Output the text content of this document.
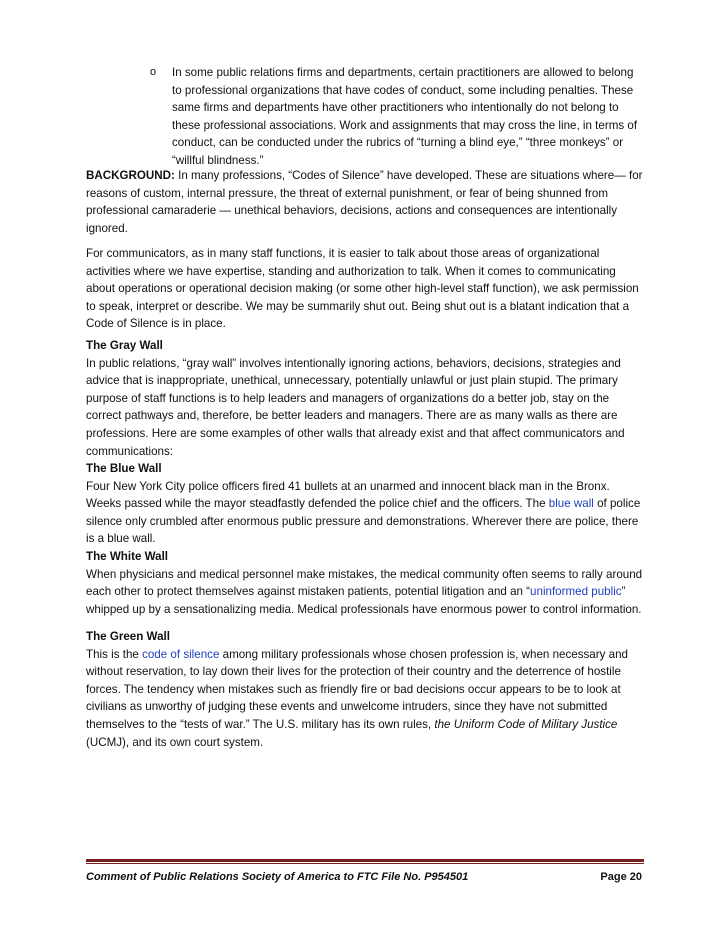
o In some public relations firms and departments, certain practitioners are allowed to belong to professional organizations that have codes of conduct, some including penalties. These same firms and departments have other practitioners who intentionally do not belong to these professional associations. Work and assignments that may cross the line, in terms of conduct, can be conducted under the rubrics of “turning a blind eye,” “three monkeys” or “willful blindness.”

BACKGROUND: In many professions, “Codes of Silence” have developed. These are situations where— for reasons of custom, internal pressure, the threat of external punishment, or fear of being shunned from professional camaraderie — unethical behaviors, decisions, actions and consequences are intentionally ignored.

For communicators, as in many staff functions, it is easier to talk about those areas of organizational activities where we have expertise, standing and authorization to talk. When it comes to communicating about operations or operational decision making (or some other high-level staff function), we ask permission to speak, interpret or describe. We may be summarily shut out. Being shut out is a blatant indication that a Code of Silence is in place.

The Gray Wall
In public relations, “gray wall” involves intentionally ignoring actions, behaviors, decisions, strategies and advice that is inappropriate, unethical, unnecessary, potentially unlawful or just plain stupid. The primary purpose of staff functions is to help leaders and managers of organizations do a better job, stay on the correct pathways and, therefore, be better leaders and managers. There are as many walls as there are professions. Here are some examples of other walls that already exist and that affect communicators and communications:
The Blue Wall
Four New York City police officers fired 41 bullets at an unarmed and innocent black man in the Bronx. Weeks passed while the mayor steadfastly defended the police chief and the officers. The blue wall of police silence only crumbled after enormous public pressure and demonstrations. Wherever there are police, there is a blue wall.
The White Wall
When physicians and medical personnel make mistakes, the medical community often seems to rally around each other to protect themselves against mistaken patients, potential litigation and an “uninformed public” whipped up by a sensationalizing media. Medical professionals have enormous power to control information.
The Green Wall
This is the code of silence among military professionals whose chosen profession is, when necessary and without reservation, to lay down their lives for the protection of their country and the deterrence of hostile forces. The tendency when mistakes such as friendly fire or bad decisions occur appears to be to look at civilians as unworthy of judging these events and unwelcome intruders, since they have not submitted themselves to the “tests of war.” The U.S. military has its own rules, the Uniform Code of Military Justice (UCMJ), and its own court system.
Comment of Public Relations Society of America to FTC File No. P954501	Page 20
